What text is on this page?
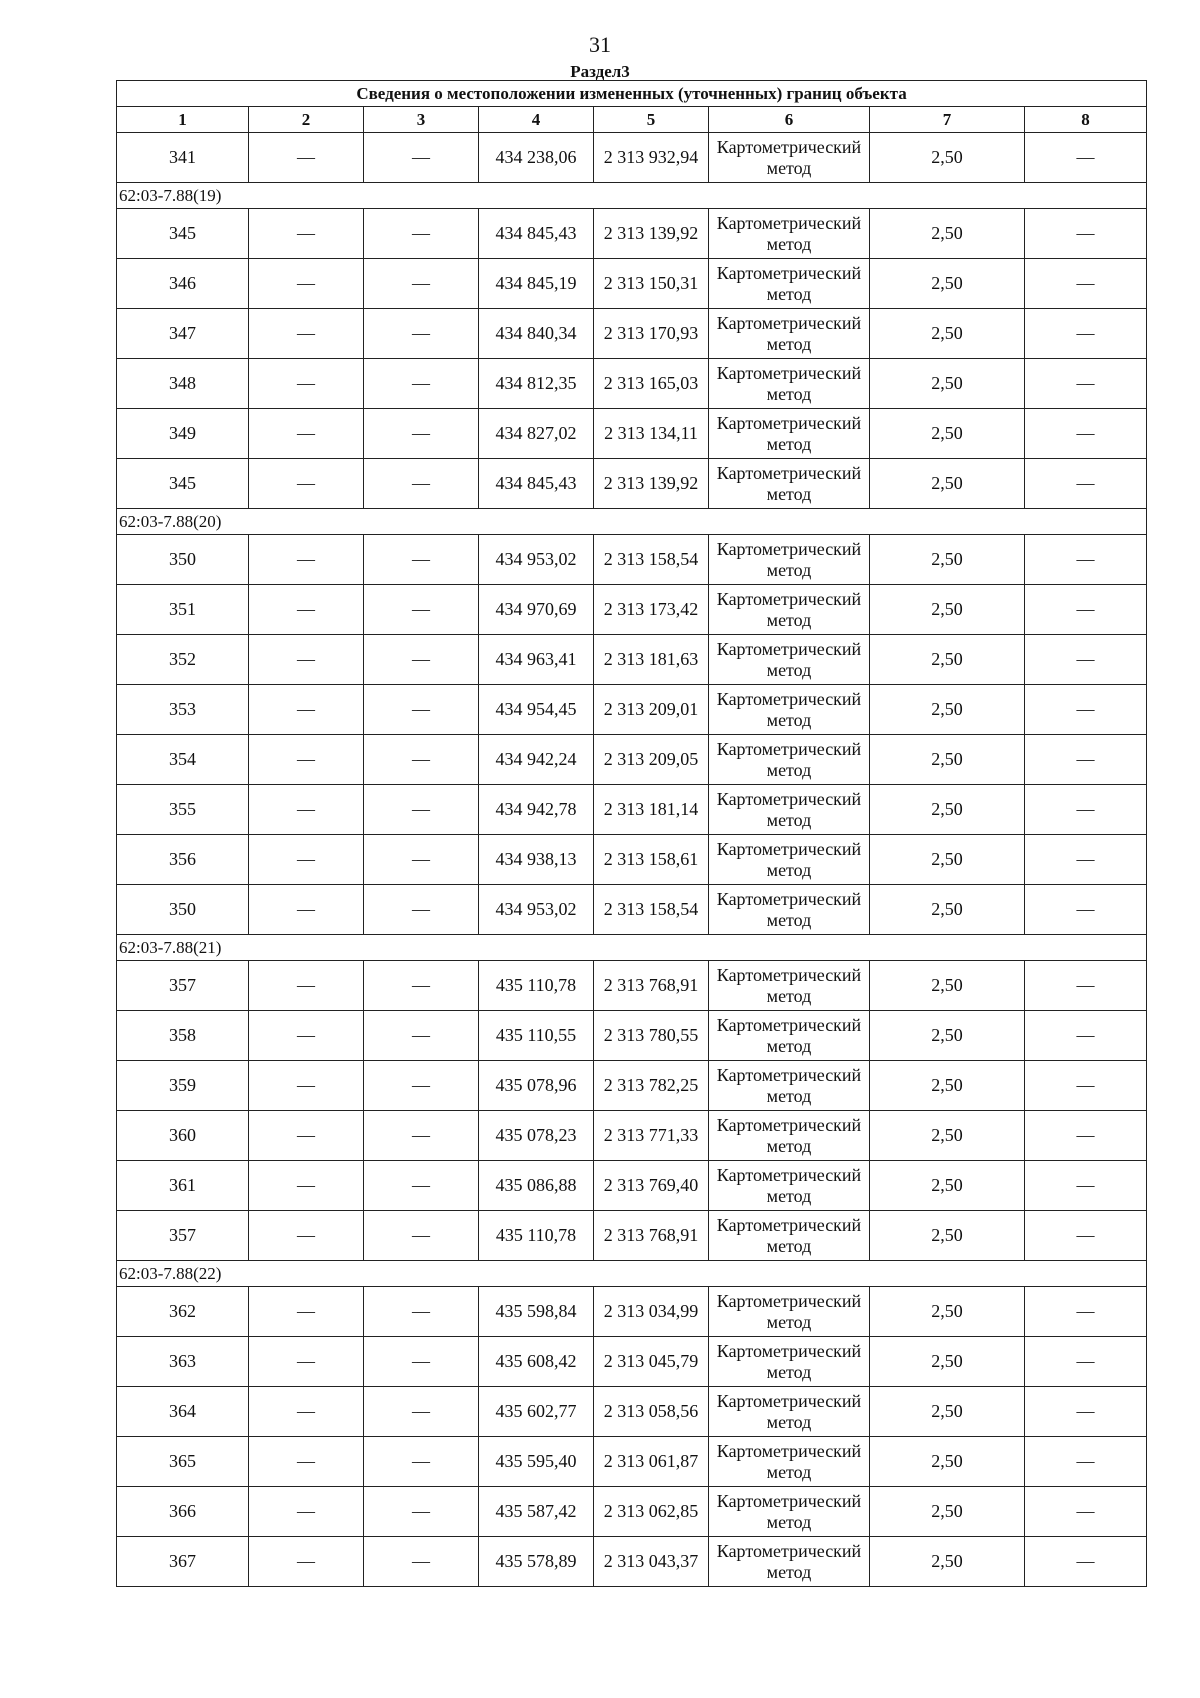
31
Раздел3
Сведения о местоположении измененных (уточненных) границ объекта							
1	2	3	4	5	6	7	8
341	—	—	434 238,06	2 313 932,94	Картометрический метод	2,50	—
62:03-7.88(19)							
345	—	—	434 845,43	2 313 139,92	Картометрический метод	2,50	—
346	—	—	434 845,19	2 313 150,31	Картометрический метод	2,50	—
347	—	—	434 840,34	2 313 170,93	Картометрический метод	2,50	—
348	—	—	434 812,35	2 313 165,03	Картометрический метод	2,50	—
349	—	—	434 827,02	2 313 134,11	Картометрический метод	2,50	—
345	—	—	434 845,43	2 313 139,92	Картометрический метод	2,50	—
62:03-7.88(20)							
350	—	—	434 953,02	2 313 158,54	Картометрический метод	2,50	—
351	—	—	434 970,69	2 313 173,42	Картометрический метод	2,50	—
352	—	—	434 963,41	2 313 181,63	Картометрический метод	2,50	—
353	—	—	434 954,45	2 313 209,01	Картометрический метод	2,50	—
354	—	—	434 942,24	2 313 209,05	Картометрический метод	2,50	—
355	—	—	434 942,78	2 313 181,14	Картометрический метод	2,50	—
356	—	—	434 938,13	2 313 158,61	Картометрический метод	2,50	—
350	—	—	434 953,02	2 313 158,54	Картометрический метод	2,50	—
62:03-7.88(21)							
357	—	—	435 110,78	2 313 768,91	Картометрический метод	2,50	—
358	—	—	435 110,55	2 313 780,55	Картометрический метод	2,50	—
359	—	—	435 078,96	2 313 782,25	Картометрический метод	2,50	—
360	—	—	435 078,23	2 313 771,33	Картометрический метод	2,50	—
361	—	—	435 086,88	2 313 769,40	Картометрический метод	2,50	—
357	—	—	435 110,78	2 313 768,91	Картометрический метод	2,50	—
62:03-7.88(22)							
362	—	—	435 598,84	2 313 034,99	Картометрический метод	2,50	—
363	—	—	435 608,42	2 313 045,79	Картометрический метод	2,50	—
364	—	—	435 602,77	2 313 058,56	Картометрический метод	2,50	—
365	—	—	435 595,40	2 313 061,87	Картометрический метод	2,50	—
366	—	—	435 587,42	2 313 062,85	Картометрический метод	2,50	—
367	—	—	435 578,89	2 313 043,37	Картометрический метод	2,50	—
